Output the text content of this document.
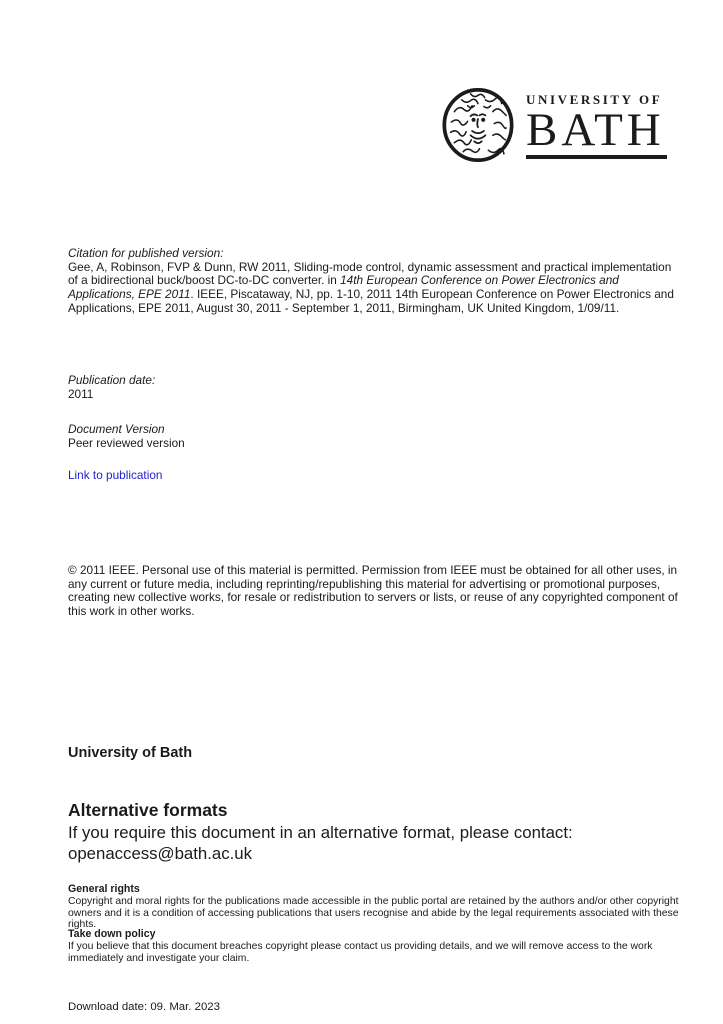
UNIVERSITY OF
BATH
Citation for published version:
Gee, A, Robinson, FVP & Dunn, RW 2011, Sliding-mode control, dynamic assessment and practical implementation of a bidirectional buck/boost DC-to-DC converter. in 14th European Conference on Power Electronics and Applications, EPE 2011. IEEE, Piscataway, NJ, pp. 1-10, 2011 14th European Conference on Power Electronics and Applications, EPE 2011, August 30, 2011 - September 1, 2011, Birmingham, UK United Kingdom, 1/09/11.
Publication date:
2011
Document Version
Peer reviewed version
Link to publication
© 2011 IEEE. Personal use of this material is permitted. Permission from IEEE must be obtained for all other uses, in any current or future media, including reprinting/republishing this material for advertising or promotional purposes, creating new collective works, for resale or redistribution to servers or lists, or reuse of any copyrighted component of this work in other works.
University of Bath
Alternative formats

If you require this document in an alternative format, please contact:

openaccess@bath.ac.uk

General rights
Copyright and moral rights for the publications made accessible in the public portal are retained by the authors and/or other copyright owners and it is a condition of accessing publications that users recognise and abide by the legal requirements associated with these rights.
Take down policy
If you believe that this document breaches copyright please contact us providing details, and we will remove access to the work immediately and investigate your claim.
Download date: 09. Mar. 2023
